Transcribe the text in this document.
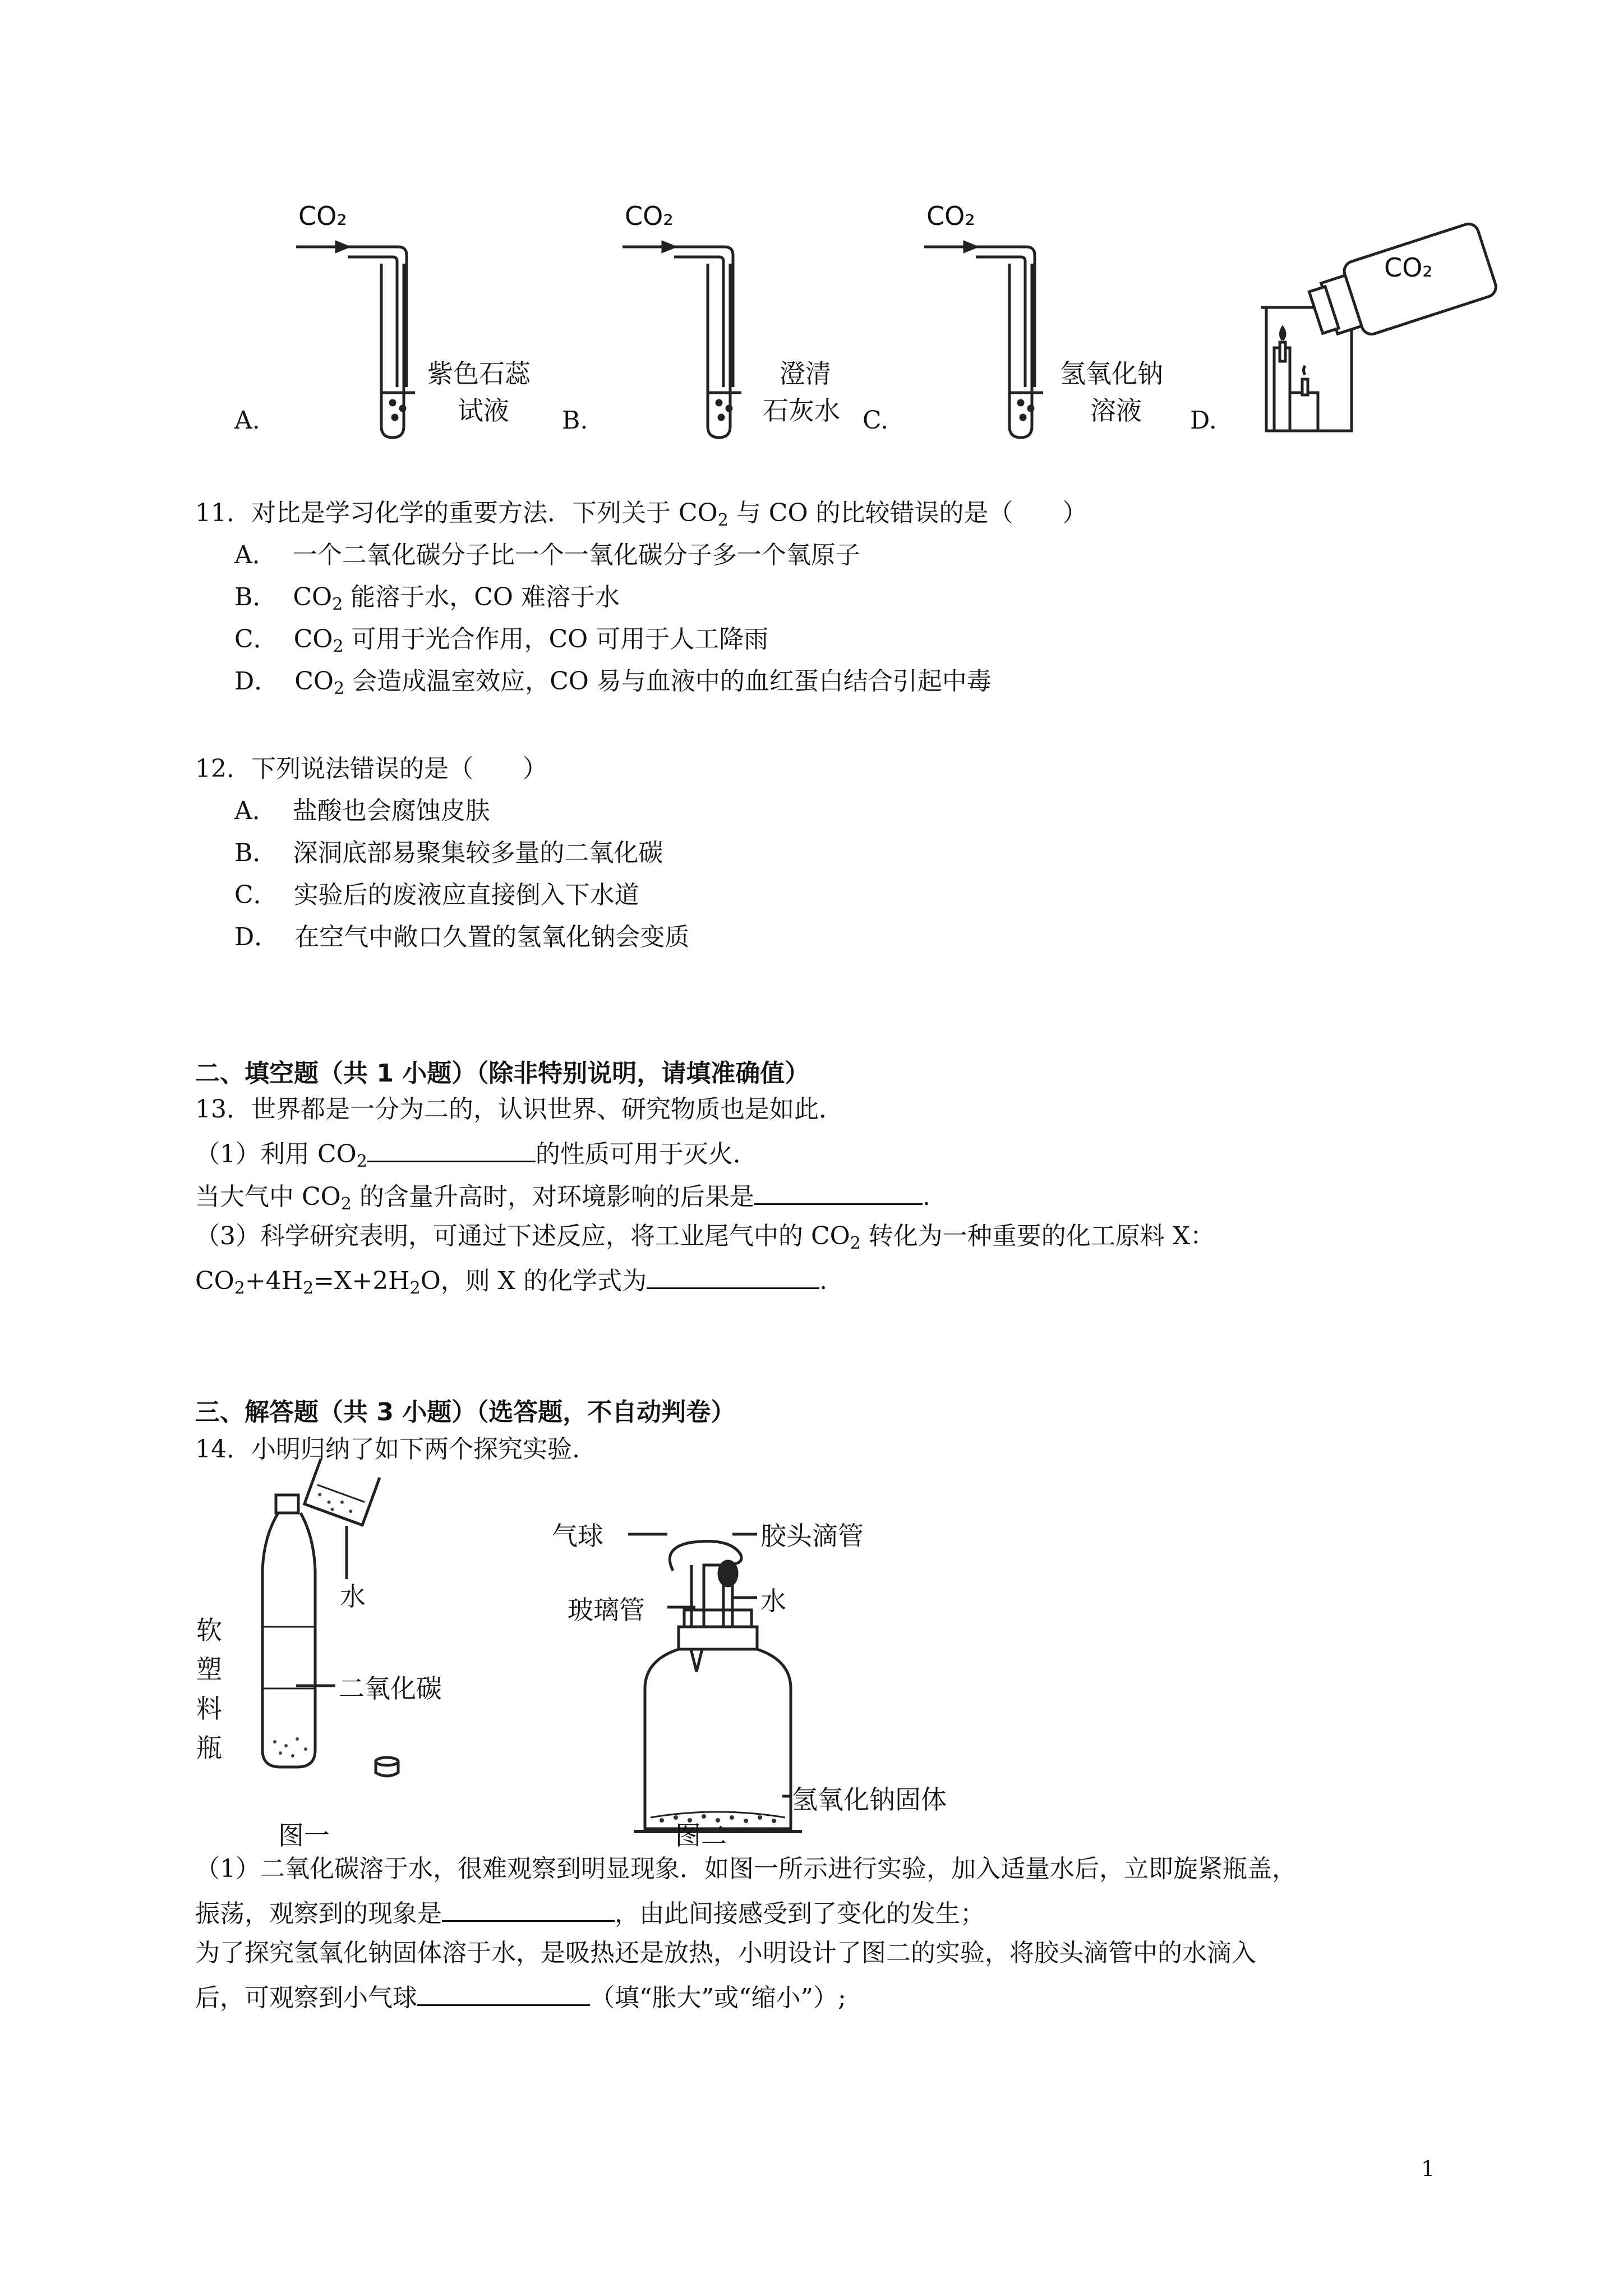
CO₂
紫色石蕊
试液
A.
CO₂
澄清
石灰水
B.
CO₂
氢氧化钠
溶液
C.
CO₂
D.
11．对比是学习化学的重要方法．下列关于 $CO_2$ 与 CO 的比较错误的是（　　）
A． 一个二氧化碳分子比一个一氧化碳分子多一个氧原子
B． $CO_2$ 能溶于水，CO 难溶于水
C． $CO_2$ 可用于光合作用，CO 可用于人工降雨
D． $CO_2$ 会造成温室效应，CO 易与血液中的血红蛋白结合引起中毒
12．下列说法错误的是（　　）
A． 盐酸也会腐蚀皮肤
B． 深洞底部易聚集较多量的二氧化碳
C． 实验后的废液应直接倒入下水道
D． 在空气中敞口久置的氢氧化钠会变质
二、填空题（共 1 小题）（除非特别说明，请填准确值）
13．世界都是一分为二的，认识世界、研究物质也是如此．
（1）利用 $CO_2$	的性质可用于灭火．
当大气中 $CO_2$ 的含量升高时，对环境影响的后果是	.
（3）科学研究表明，可通过下述反应，将工业尾气中的 $CO_2$ 转化为一种重要的化工原料 X：
$CO_2+4H_2=X+2H_2O$，则 X 的化学式为	.
三、解答题（共 3 小题）（选答题，不自动判卷）
14．小明归纳了如下两个探究实验.
水
软
塑
料
瓶
二氧化碳
图一
气球	胶头滴管
玻璃管	水
氢氧化钠固体
图二
（1）二氧化碳溶于水，很难观察到明显现象．如图一所示进行实验，加入适量水后，立即旋紧瓶盖，
振荡，观察到的现象是	，由此间接感受到了变化的发生；
为了探究氢氧化钠固体溶于水，是吸热还是放热，小明设计了图二的实验，将胶头滴管中的水滴入
后，可观察到小气球	（填“胀大”或“缩小”）;
1
